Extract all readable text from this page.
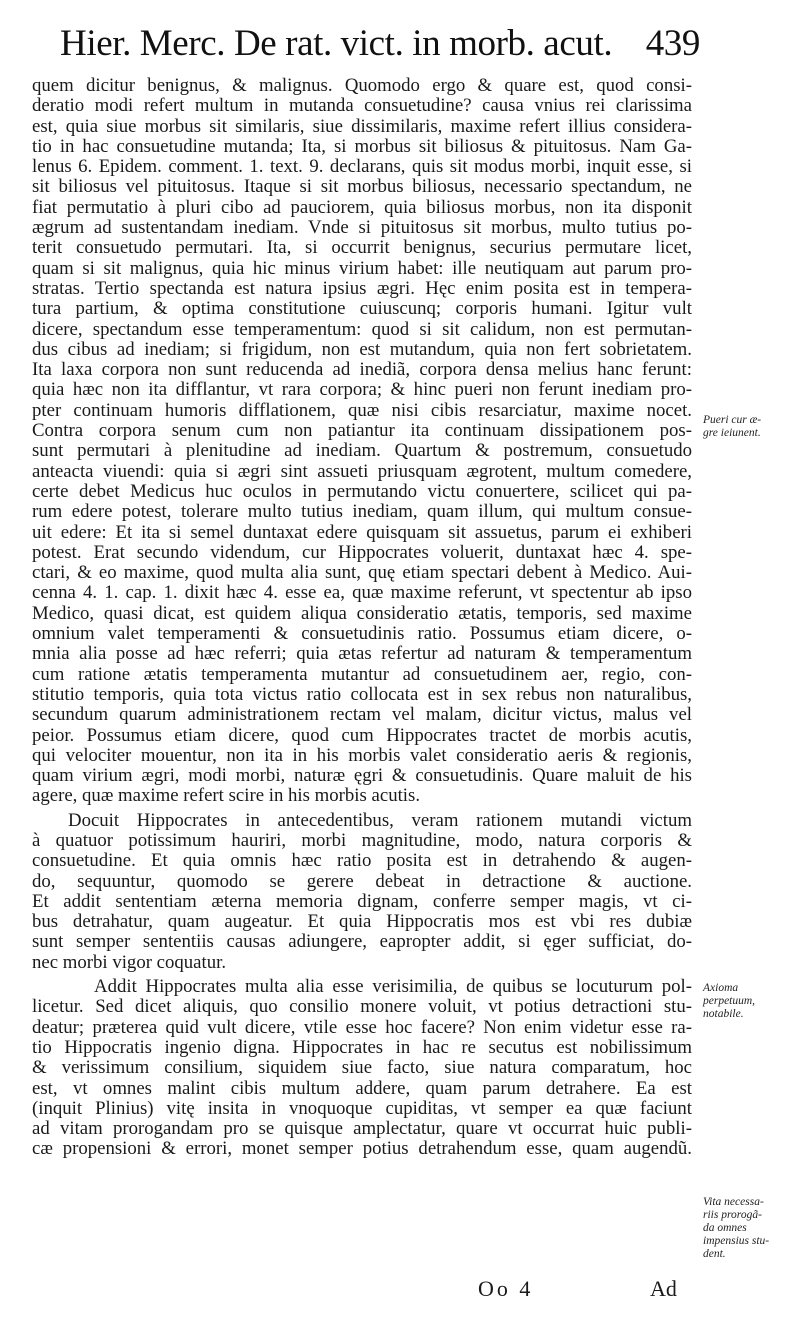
Hier. Merc. De rat. vict. in morb. acut. 439
quem dicitur benignus, & malignus. Quomodo ergo & quare est, quod consi-
deratio modi refert multum in mutanda consuetudine? causa vnius rei clarissima
est, quia siue morbus sit similaris, siue dissimilaris, maxime refert illius considera-
tio in hac consuetudine mutanda; Ita, si morbus sit biliosus & pituitosus. Nam Ga-
lenus 6. Epidem. comment. 1. text. 9. declarans, quis sit modus morbi, inquit esse, si
sit biliosus vel pituitosus. Itaque si sit morbus biliosus, necessario spectandum, ne
fiat permutatio à pluri cibo ad pauciorem, quia biliosus morbus, non ita disponit
ægrum ad sustentandam inediam. Vnde si pituitosus sit morbus, multo tutius po-
terit consuetudo permutari. Ita, si occurrit benignus, securius permutare licet,
quam si sit malignus, quia hic minus virium habet: ille neutiquam aut parum pro-
stratas. Tertio spectanda est natura ipsius ægri. Hęc enim posita est in tempera-
tura partium, & optima constitutione cuiuscunq; corporis humani. Igitur vult
dicere, spectandum esse temperamentum: quod si sit calidum, non est permutan-
dus cibus ad inediam; si frigidum, non est mutandum, quia non fert sobrietatem.
Ita laxa corpora non sunt reducenda ad inediã, corpora densa melius hanc ferunt:
quia hæc non ita difflantur, vt rara corpora; & hinc pueri non ferunt inediam pro-
pter continuam humoris difflationem, quæ nisi cibis resarciatur, maxime nocet.
Contra corpora senum cum non patiantur ita continuam dissipationem pos-
sunt permutari à plenitudine ad inediam. Quartum & postremum, consuetudo
anteacta viuendi: quia si ægri sint assueti priusquam ægrotent, multum comedere,
certe debet Medicus huc oculos in permutando victu conuertere, scilicet qui pa-
rum edere potest, tolerare multo tutius inediam, quam illum, qui multum consue-
uit edere: Et ita si semel duntaxat edere quisquam sit assuetus, parum ei exhiberi
potest. Erat secundo videndum, cur Hippocrates voluerit, duntaxat hæc 4. spe-
ctari, & eo maxime, quod multa alia sunt, quę etiam spectari debent à Medico. Aui-
cenna 4. 1. cap. 1. dixit hæc 4. esse ea, quæ maxime referunt, vt spectentur ab ipso
Medico, quasi dicat, est quidem aliqua consideratio ætatis, temporis, sed maxime
omnium valet temperamenti & consuetudinis ratio. Possumus etiam dicere, o-
mnia alia posse ad hæc referri; quia ætas refertur ad naturam & temperamentum
cum ratione ætatis temperamenta mutantur ad consuetudinem aer, regio, con-
stitutio temporis, quia tota victus ratio collocata est in sex rebus non naturalibus,
secundum quarum administrationem rectam vel malam, dicitur victus, malus vel
peior. Possumus etiam dicere, quod cum Hippocrates tractet de morbis acutis,
qui velociter mouentur, non ita in his morbis valet consideratio aeris & regionis,
quam virium ægri, modi morbi, naturæ ęgri & consuetudinis. Quare maluit de his
agere, quæ maxime refert scire in his morbis acutis.
Docuit Hippocrates in antecedentibus, veram rationem mutandi victum
à quatuor potissimum hauriri, morbi magnitudine, modo, natura corporis &
consuetudine. Et quia omnis hæc ratio posita est in detrahendo & augen-
do, sequuntur, quomodo se gerere debeat in detractione & auctione.
Et addit sententiam æterna memoria dignam, conferre semper magis, vt ci-
bus detrahatur, quam augeatur. Et quia Hippocratis mos est vbi res dubiæ
sunt semper sententiis causas adiungere, eapropter addit, si ęger sufficiat, do-
nec morbi vigor coquatur.
Addit Hippocrates multa alia esse verisimilia, de quibus se locuturum pol-
licetur. Sed dicet aliquis, quo consilio monere voluit, vt potius detractioni stu-
deatur; præterea quid vult dicere, vtile esse hoc facere? Non enim videtur esse ra-
tio Hippocratis ingenio digna. Hippocrates in hac re secutus est nobilissimum
& verissimum consilium, siquidem siue facto, siue natura comparatum, hoc
est, vt omnes malint cibis multum addere, quam parum detrahere. Ea est
(inquit Plinius) vitę insita in vnoquoque cupiditas, vt semper ea quæ faciunt
ad vitam prorogandam pro se quisque amplectatur, quare vt occurrat huic publi-
cæ propensioni & errori, monet semper potius detrahendum esse, quam augendũ.
Pueri cur æ-
gre ieiunent.
Axioma
perpetuum,
notabile.
Vita necessa-
riis prorogã-
da omnes
impensius stu-
dent.
Oo 4	Ad
